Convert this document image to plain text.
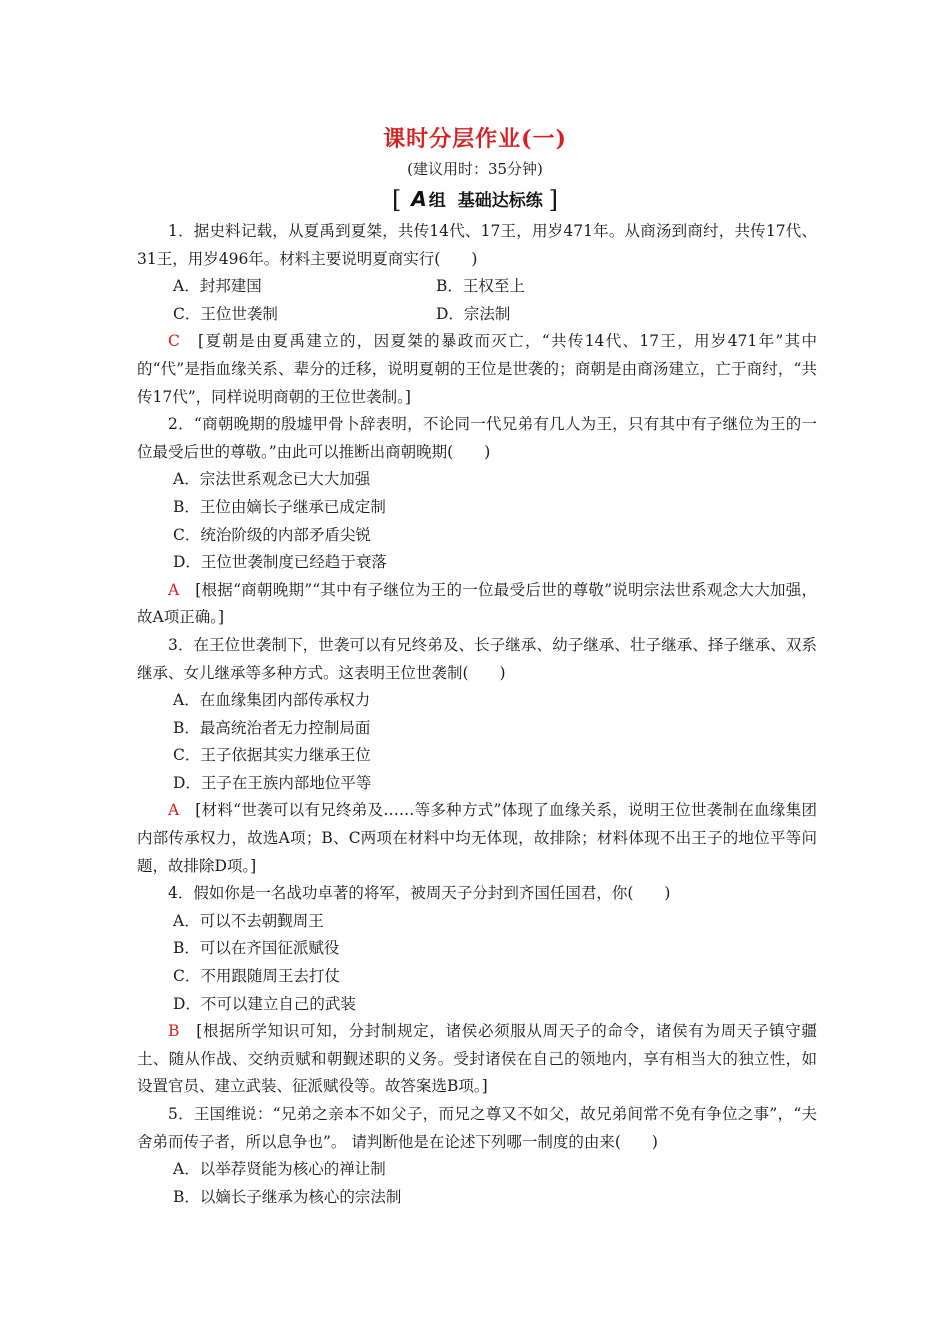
课时分层作业(一)
(建议用时：35分钟)
[ A 组 基础达标练 ]

1．据史料记载，从夏禹到夏桀，共传14代、17王，用岁471年。从商汤到商纣，共传17代、31王，用岁496年。材料主要说明夏商实行(　　)

A．封邦建国	B．王权至上
C．王位世袭制	D．宗法制

C　 [夏朝是由夏禹建立的，因夏桀的暴政而灭亡，“共传14代、17王，用岁471年”其中的“代”是指血缘关系、辈分的迁移，说明夏朝的王位是世袭的；商朝是由商汤建立，亡于商纣，“共传17代”，同样说明商朝的王位世袭制。]

2．“商朝晚期的殷墟甲骨卜辞表明，不论同一代兄弟有几人为王，只有其中有子继位为王的一位最受后世的尊敬。”由此可以推断出商朝晚期(　　)

A．宗法世系观念已大大加强

B．王位由嫡长子继承已成定制

C．统治阶级的内部矛盾尖锐

D．王位世袭制度已经趋于衰落

A　 [根据“商朝晚期”“其中有子继位为王的一位最受后世的尊敬”说明宗法世系观念大大加强，故A项正确。]

3．在王位世袭制下，世袭可以有兄终弟及、长子继承、幼子继承、壮子继承、择子继承、双系继承、女儿继承等多种方式。这表明王位世袭制(　　)

A．在血缘集团内部传承权力

B．最高统治者无力控制局面

C．王子依据其实力继承王位

D．王子在王族内部地位平等

A　 [材料“世袭可以有兄终弟及……等多种方式”体现了血缘关系，说明王位世袭制在血缘集团内部传承权力，故选A项；B、C两项在材料中均无体现，故排除；材料体现不出王子的地位平等问题，故排除D项。]

4．假如你是一名战功卓著的将军，被周天子分封到齐国任国君，你(　　)

A．可以不去朝觐周王

B．可以在齐国征派赋役

C．不用跟随周王去打仗

D．不可以建立自己的武装

B　 [根据所学知识可知，分封制规定，诸侯必须服从周天子的命令，诸侯有为周天子镇守疆土、随从作战、交纳贡赋和朝觐述职的义务。受封诸侯在自己的领地内，享有相当大的独立性，如设置官员、建立武装、征派赋役等。故答案选B项。]

5．王国维说：“兄弟之亲本不如父子，而兄之尊又不如父，故兄弟间常不免有争位之事”，“夫舍弟而传子者，所以息争也”。 请判断他是在论述下列哪一制度的由来(　　)

A．以举荐贤能为核心的禅让制

B．以嫡长子继承为核心的宗法制
